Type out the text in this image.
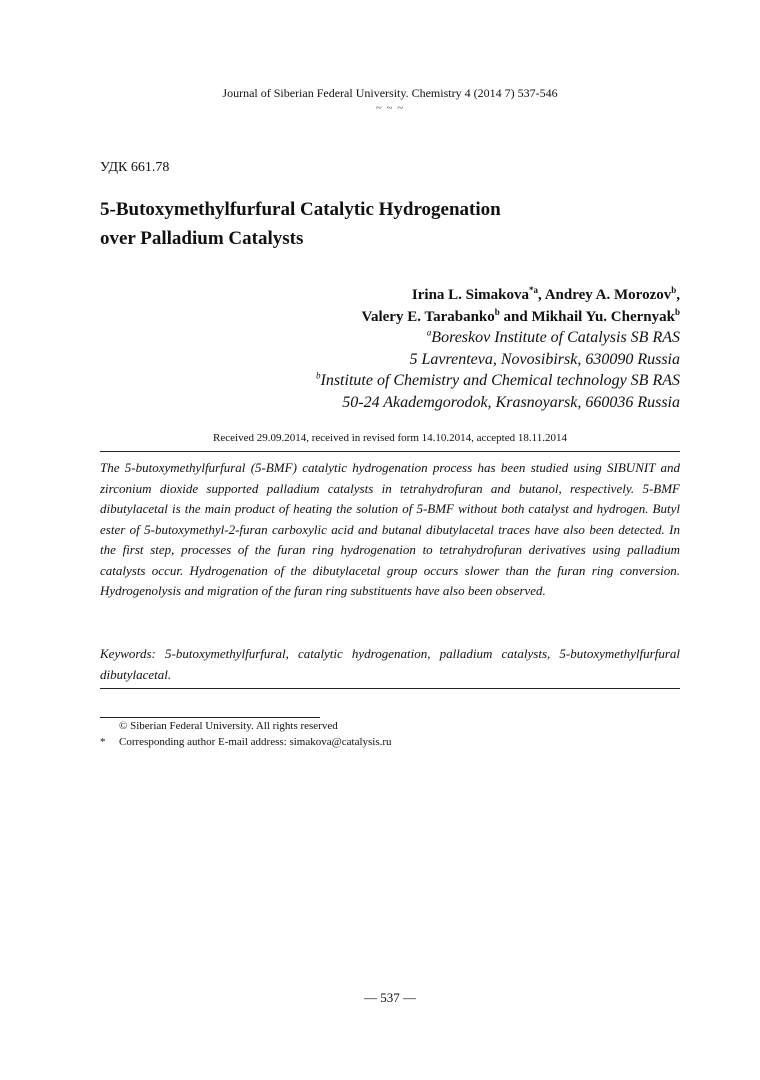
Journal of Siberian Federal University. Chemistry 4 (2014 7) 537-546
~ ~ ~
УДК 661.78
5-Butoxymethylfurfural Catalytic Hydrogenation
over Palladium Catalysts
Irina L. Simakova$^{*a}$, Andrey A. Morozov$^b$,
Valery E. Tarabanko$^b$ and Mikhail Yu. Chernyak$^b$
$^a$Boreskov Institute of Catalysis SB RAS
5 Lavrenteva, Novosibirsk, 630090 Russia
$^b$Institute of Chemistry and Chemical technology SB RAS
50-24 Akademgorodok, Krasnoyarsk, 660036 Russia
Received 29.09.2014, received in revised form 14.10.2014, accepted 18.11.2014
The 5-butoxymethylfurfural (5-BMF) catalytic hydrogenation process has been studied using SIBUNIT and zirconium dioxide supported palladium catalysts in tetrahydrofuran and butanol, respectively. 5-BMF dibutylacetal is the main product of heating the solution of 5-BMF without both catalyst and hydrogen. Butyl ester of 5-butoxymethyl-2-furan carboxylic acid and butanal dibutylacetal traces have also been detected. In the first step, processes of the furan ring hydrogenation to tetrahydrofuran derivatives using palladium catalysts occur. Hydrogenation of the dibutylacetal group occurs slower than the furan ring conversion. Hydrogenolysis and migration of the furan ring substituents have also been observed.
Keywords: 5-butoxymethylfurfural, catalytic hydrogenation, palladium catalysts, 5-butoxymethylfurfural dibutylacetal.
© Siberian Federal University. All rights reserved
* Corresponding author E-mail address: simakova@catalysis.ru
— 537 —
